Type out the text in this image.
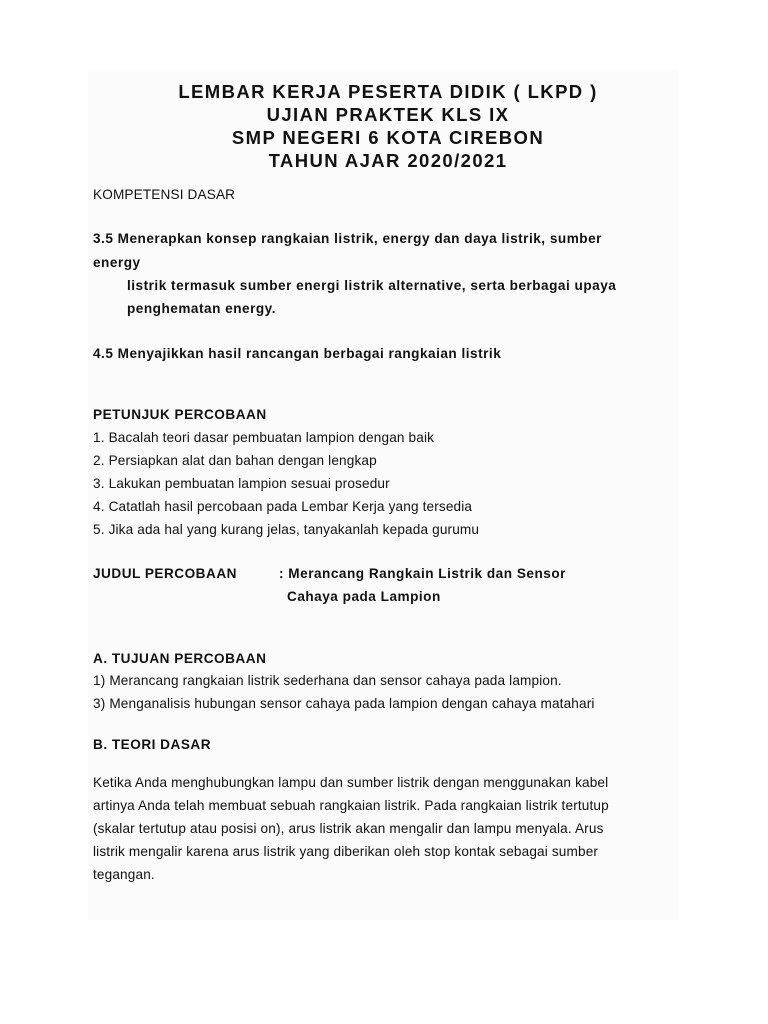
LEMBAR KERJA PESERTA DIDIK ( LKPD )

UJIAN PRAKTEK KLS IX

SMP NEGERI 6 KOTA CIREBON

TAHUN AJAR 2020/2021

KOMPETENSI DASAR
3.5 Menerapkan konsep rangkaian listrik, energy dan daya listrik, sumber
energy
listrik termasuk sumber energi listrik alternative, serta berbagai upaya
penghematan energy.
4.5 Menyajikkan hasil rancangan berbagai rangkaian listrik
PETUNJUK PERCOBAAN
1. Bacalah teori dasar pembuatan lampion dengan baik
2. Persiapkan alat dan bahan dengan lengkap
3. Lakukan pembuatan lampion sesuai prosedur
4. Catatlah hasil percobaan pada Lembar Kerja yang tersedia
5. Jika ada hal yang kurang jelas, tanyakanlah kepada gurumu
JUDUL PERCOBAAN	: Merancang Rangkain Listrik dan Sensor
Cahaya pada Lampion
A. TUJUAN PERCOBAAN
1) Merancang rangkaian listrik sederhana dan sensor cahaya pada lampion.
3) Menganalisis hubungan sensor cahaya pada lampion dengan cahaya matahari
B. TEORI DASAR
Ketika Anda menghubungkan lampu dan sumber listrik dengan menggunakan kabel
artinya Anda telah membuat sebuah rangkaian listrik. Pada rangkaian listrik tertutup
(skalar tertutup atau posisi on), arus listrik akan mengalir dan lampu menyala. Arus
listrik mengalir karena arus listrik yang diberikan oleh stop kontak sebagai sumber
tegangan.
